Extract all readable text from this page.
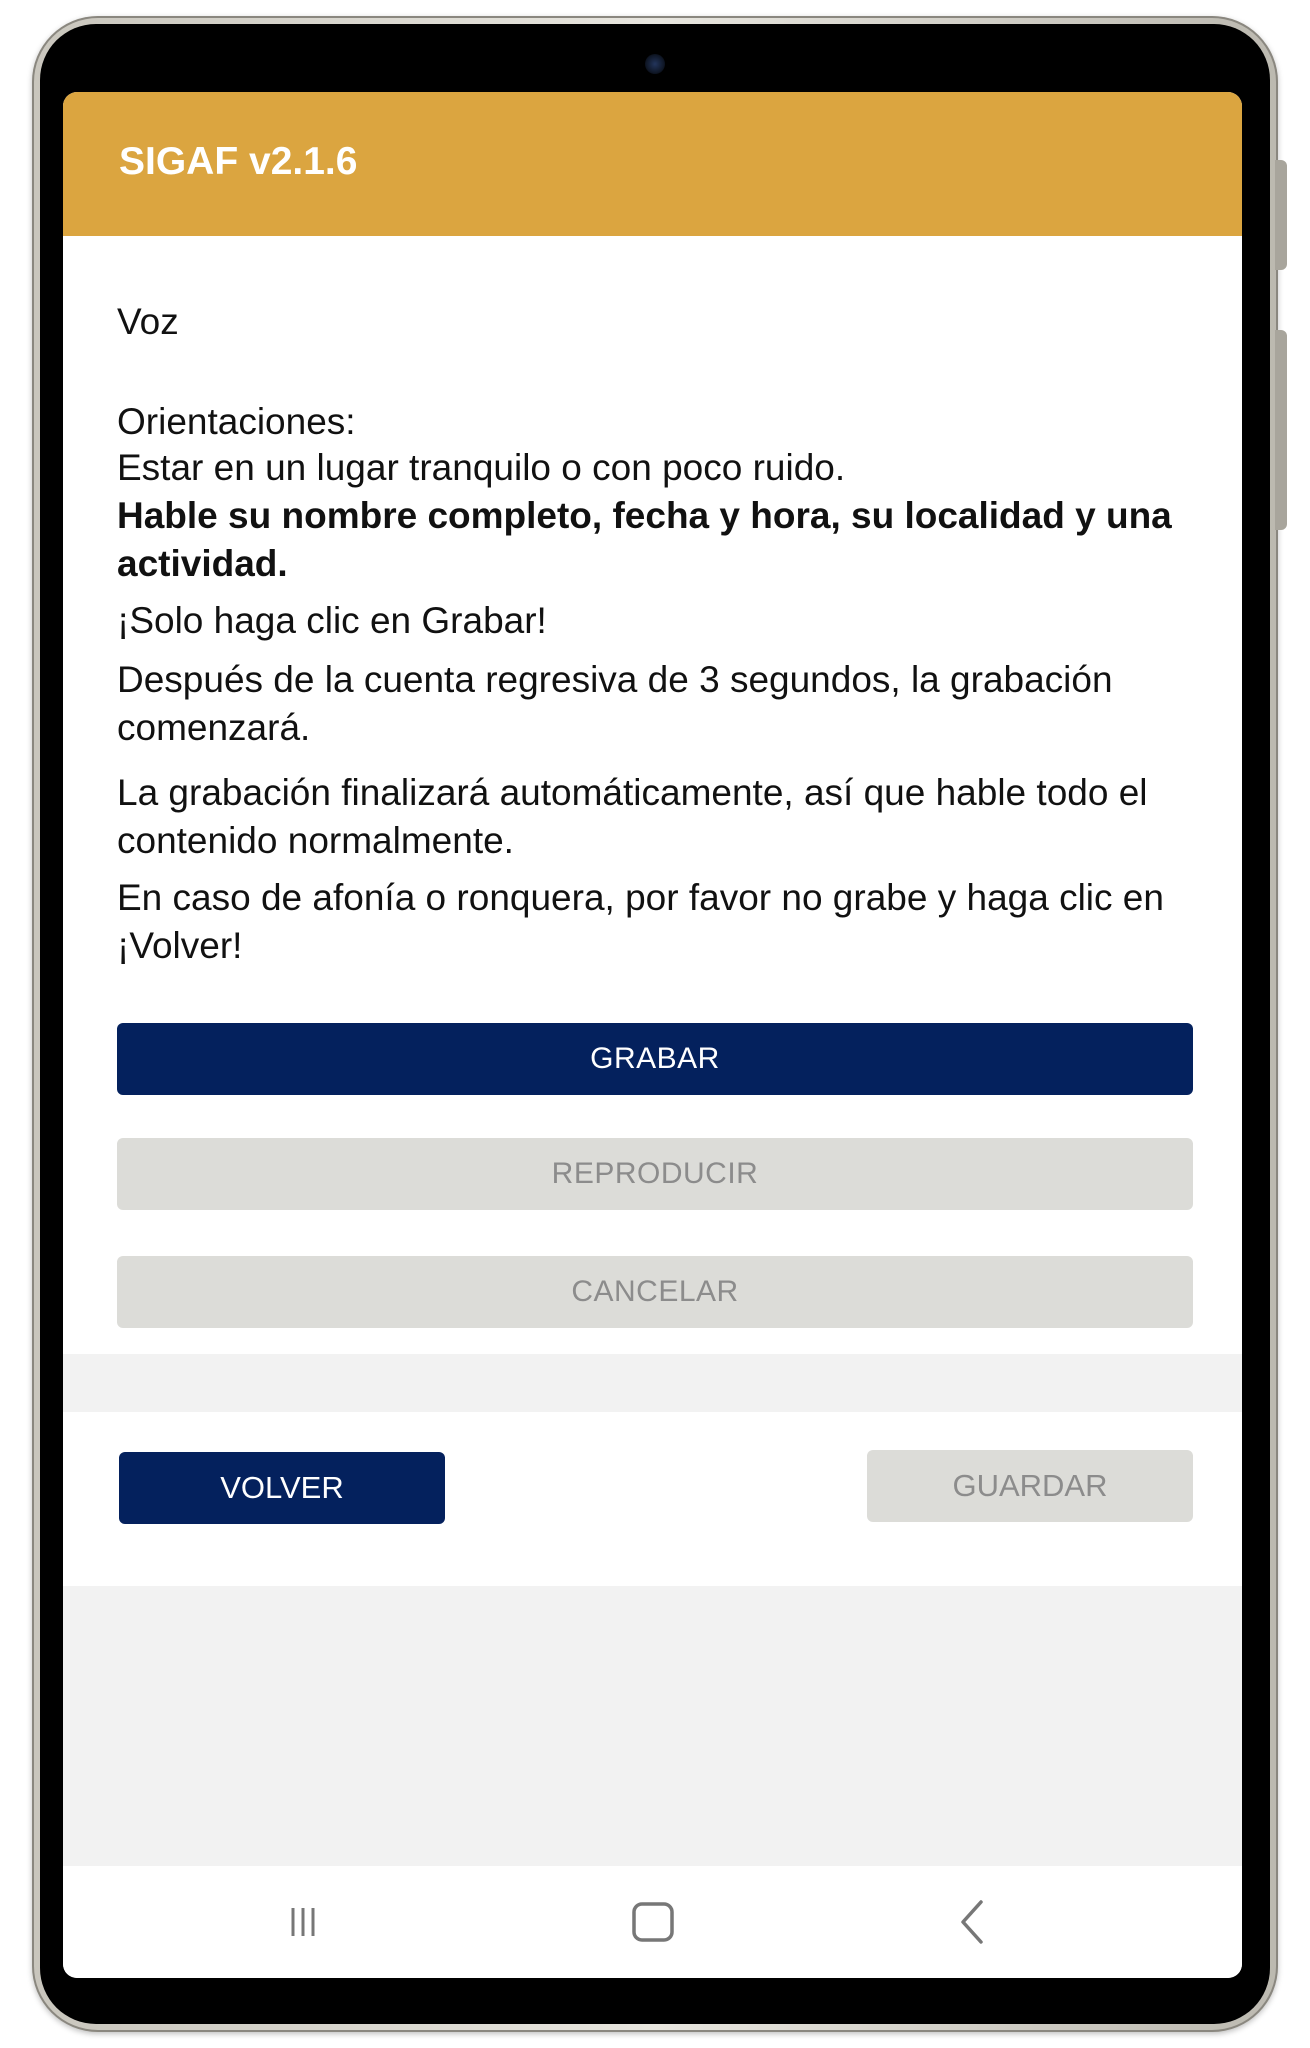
SIGAF v2.1.6
Voz
Orientaciones:
Estar en un lugar tranquilo o con poco ruido.
Hable su nombre completo, fecha y hora, su localidad y una actividad.
¡Solo haga clic en Grabar!
Después de la cuenta regresiva de 3 segundos, la grabación comenzará.
La grabación finalizará automáticamente, así que hable todo el contenido normalmente.
En caso de afonía o ronquera, por favor no grabe y haga clic en ¡Volver!
GRABAR
REPRODUCIR
CANCELAR
VOLVER	GUARDAR
